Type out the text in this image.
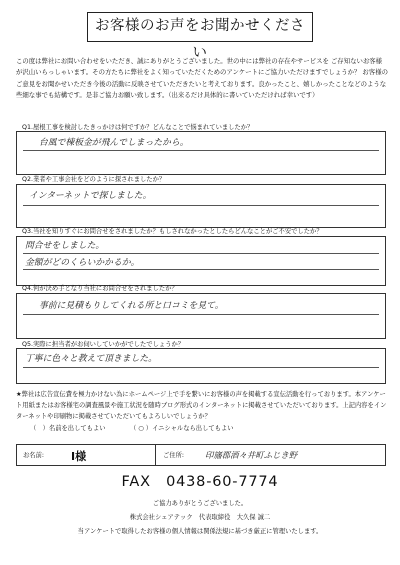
お客様のお声をお聞かせください
この度は弊社にお問い合わせをいただき、誠にありがとうございました。世の中には弊社の存在やサービスを ご存知ないお客様が沢山いらっしゃいます。その方たちに弊社をよく知っていただくためのアンケートにご協力いただけますでしょうか？ お客様のご意見をお聞かせいただき今後の活動に反映させていただきたいと考えております。良かったこと、嬉しかったことなどのような些細な事でも結構です。是非ご協力お願い致します。（出来るだけ具体的に書いていただければ幸いです）
Q1.屋根工事を検討したきっかけは何ですか？どんなことで悩まれていましたか？
台風で棟板金が飛んでしまったから。
Q2.業者や工事会社をどのように探されましたか？
インターネットで探しました。
Q3.当社を知りすぐにお問合せをされましたか？もしされなかったとしたらどんなことがご不安でしたか？
問合せをしました。
金額がどのくらいかかるか。
Q4.何が決め手となり当社にお問合せをされましたか？
事前に見積もりしてくれる所と口コミを見て。
Q5.実際に担当者がお伺いしていかがでしたでしょうか？
丁寧に色々と教えて頂きました。
★弊社は広告宣伝費を極力かけない為にホームページ上で手を繋いにお客様の声を掲載する宣伝活動を行っております。本アンケート用紙またはお客様宅の調査風景や施工状況を随時ブログ形式のインターネットに掲載させていただいております。上記内容をインターネットや印刷物に掲載させていただいてもよろしいでしょうか？
（　）名前を出してもよい	（ ○ ）イニシャルなら出してもよい
お名前: I様	ご住所: 印旛郡酒々井町ふじき野
FAX　0438-60-7774
ご協力ありがとうございました。
株式会社シェアテック　代表取締役　大久保 誠二
当アンケートで取得したお客様の個人情報は関係法規に基づき厳正に管理いたします。
